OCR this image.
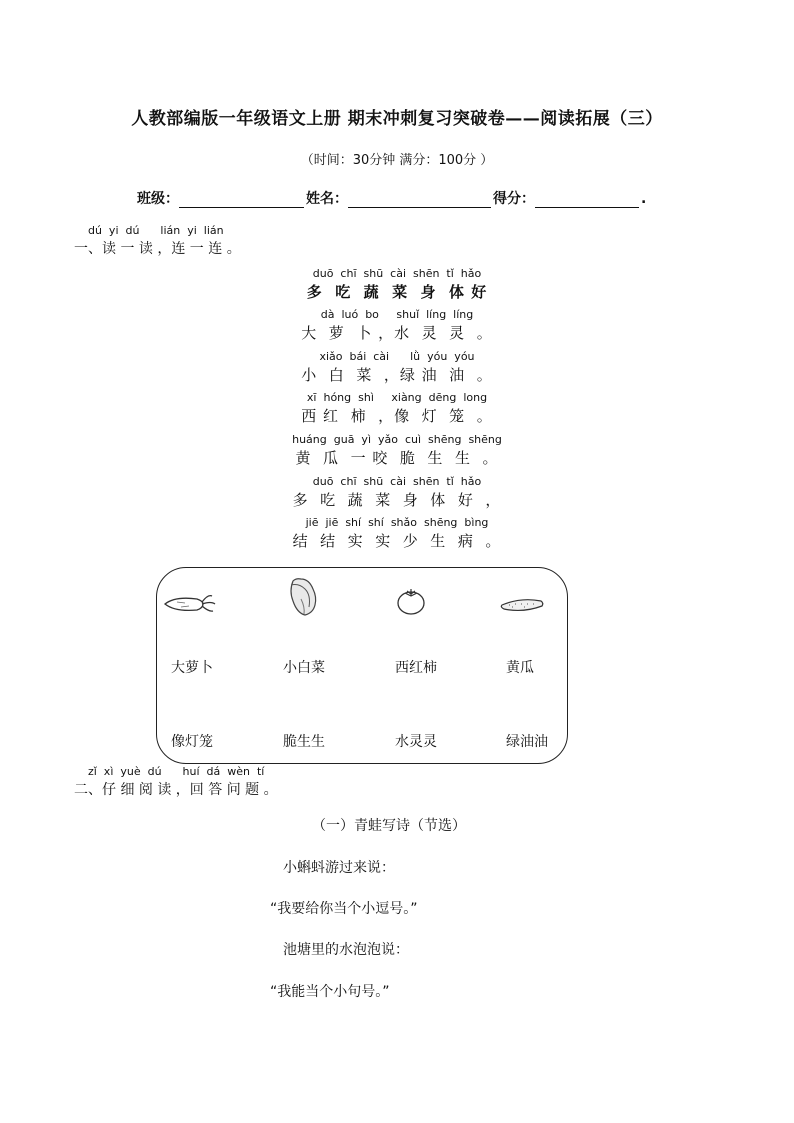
人教部编版一年级语文上册 期末冲刺复习突破卷——阅读拓展（三）
（时间：30分钟 满分：100分 ）
班级：	姓名：	得分：	.
dú  yi  dú      lián  yi  lián
一、读 一 读 ，连 一 连 。
duō  chī  shū  cài  shēn  tǐ  hǎo
多  吃  蔬  菜  身  体 好
dà  luó  bo     shuǐ  líng  líng
大  萝  卜 ，水  灵  灵  。
xiǎo  bái  cài      lǜ  yóu  yóu
小  白  菜  ，绿 油  油  。
xī  hóng  shì     xiàng  dēng  long
西 红  柿  ，像  灯  笼  。
huáng  guā  yì  yǎo  cuì  shēng  shēng
黄  瓜  一 咬  脆  生  生  。
duō  chī  shū  cài  shēn  tǐ  hǎo
多  吃  蔬  菜  身  体  好  ，
jiē  jiē  shí  shí  shǎo  shēng  bìng
结  结  实  实  少  生  病  。
大萝卜	小白菜	西红柿	黄瓜
像灯笼	脆生生	水灵灵	绿油油
zǐ  xì  yuè  dú      huí  dá  wèn  tí
二、仔 细 阅 读 ，回 答 问 题 。
（一）青蛙写诗（节选）
小蝌蚪游过来说：
“我要给你当个小逗号。”
池塘里的水泡泡说：
“我能当个小句号。”
